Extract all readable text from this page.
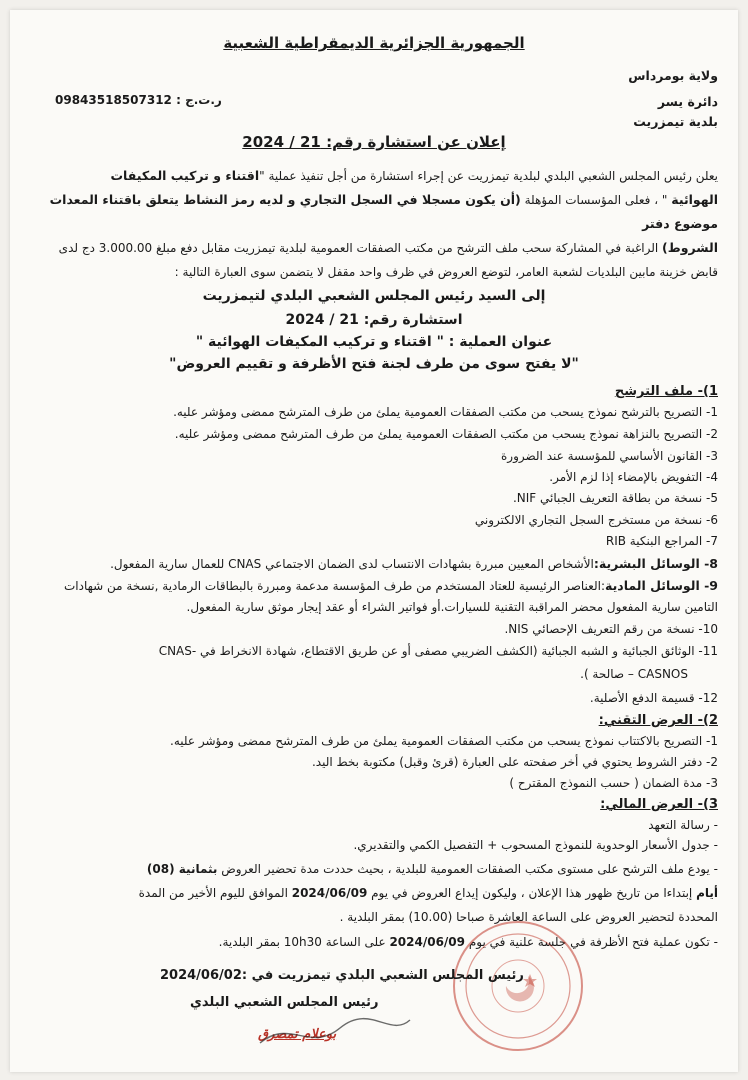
الجمهورية الجزائرية الديمقراطية الشعبية
ولاية بومرداس
دائرة يسر
بلدية تيمزريت
ر.ت.ج : 09843518507312
إعلان عن استشارة رقم: 21 / 2024
يعلن رئيس المجلس الشعبي البلدي لبلدية تيمزريت عن إجراء استشارة من أجل تنفيذ عملية "اقتناء و تركيب المكيفات
الهوائية " ، فعلى المؤسسات المؤهلة (أن يكون مسجلا في السجل التجاري و لديه رمز النشاط يتعلق باقتناء المعدات موضوع دفتر
الشروط) الراغبة في المشاركة سحب ملف الترشح من مكتب الصفقات العمومية لبلدية تيمزريت مقابل دفع مبلغ 3.000.00 دج لدى
قابض خزينة مابين البلديات لشعبة العامر، لتوضع العروض في ظرف واحد مقفل لا يتضمن سوى العبارة التالية :
إلى السيد رئيس المجلس الشعبي البلدي لتيمزريت
استشارة رقم: 21 / 2024
عنوان العملية : " اقتناء و تركيب المكيفات الهوائية "
"لا يفتح سوى من طرف لجنة فتح الأظرفة و تقييم العروض"
1)- ملف الترشح
1- التصريح بالترشح نموذج يسحب من مكتب الصفقات العمومية يملئ من طرف المترشح ممضى ومؤشر عليه.
2- التصريح بالنزاهة نموذج يسحب من مكتب الصفقات العمومية يملئ من طرف المترشح ممضى ومؤشر عليه.
3- القانون الأساسي للمؤسسة عند الضرورة
4- التفويض بالإمضاء إذا لزم الأمر.
5- نسخة من بطاقة التعريف الجبائي NIF.
6- نسخة من مستخرج السجل التجاري الالكتروني
7- المراجع البنكية RIB
8- الوسائل البشرية:الأشخاص المعيين مبررة بشهادات الانتساب لدى الضمان الاجتماعي CNAS للعمال سارية المفعول.
9- الوسائل المادية:العناصر الرئيسية للعتاد المستخدم من طرف المؤسسة مدعمة ومبررة بالبطاقات الرمادية ,نسخة من شهادات
التامين سارية المفعول محضر المراقبة التقنية للسيارات.أو فواتير الشراء أو عقد إيجار موثق سارية المفعول.
10- نسخة من رقم التعريف الإحصائي NIS.
11- الوثائق الجبائية و الشبه الجبائية (الكشف الضريبي مصفى أو عن طريق الاقتطاع، شهادة الانخراط في -CNAS
CASNOS – صالحة ).
12- قسيمة الدفع الأصلية.
2)- العرض التقني:
1- التصريح بالاكتتاب نموذج يسحب من مكتب الصفقات العمومية يملئ من طرف المترشح ممضى ومؤشر عليه.
2- دفتر الشروط يحتوي في أخر صفحته على العبارة (قرئ وقبل) مكتوبة بخط اليد.
3- مدة الضمان ( حسب النموذج المقترح )
3)- العرض المالي:
- رسالة التعهد
- جدول الأسعار الوحدوية للنموذج المسحوب + التفصيل الكمي والتقديري.
- يودع ملف الترشح على مستوى مكتب الصفقات العمومية للبلدية ، بحيث حددت مدة تحضير العروض بثمانية (08)
أيام إبتداءا من تاريخ ظهور هذا الإعلان ، وليكون إيداع العروض في يوم 2024/06/09 الموافق لليوم الأخير من المدة
المحددة لتحضير العروض على الساعة العاشرة صباحا (10.00) بمقر البلدية .
- تكون عملية فتح الأظرفة في جلسة علنية في يوم 2024/06/09 على الساعة 10h30 بمقر البلدية.
رئيس المجلس الشعبي البلدي تيمزريت في :2024/06/02
رئيس المجلس الشعبي البلدي
بوعلام تمصرق
